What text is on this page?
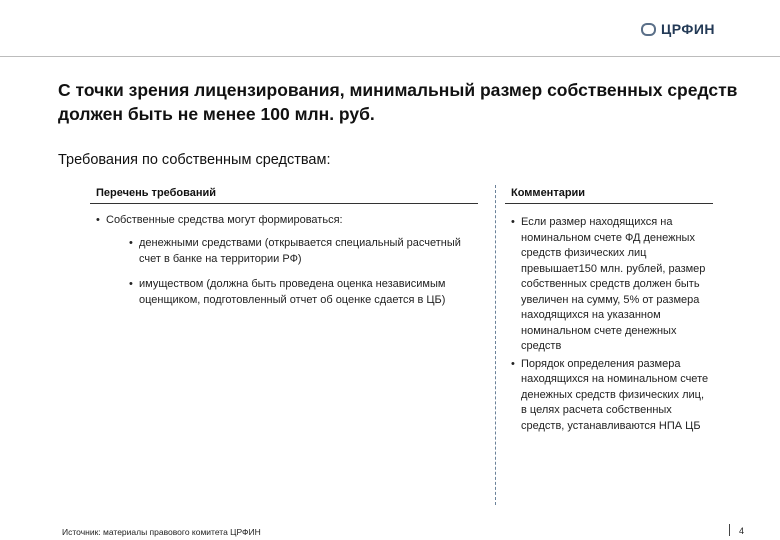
ЦРФИН
С точки зрения лицензирования, минимальный размер собственных средств должен быть не менее 100 млн. руб.
Требования по собственным средствам:
Перечень требований	Комментарии
• Собственные средства могут формироваться:
• денежными средствами (открывается специальный расчетный счет в банке на территории РФ)
• имуществом (должна быть проведена оценка независимым оценщиком, подготовленный отчет об оценке сдается в ЦБ)
• Если размер находящихся на номинальном счете ФД денежных средств физических лиц превышает150 млн. рублей, размер собственных средств должен быть увеличен на сумму, 5% от размера находящихся на указанном номинальном счете денежных средств
• Порядок определения размера находящихся на номинальном счете денежных средств физических лиц, в целях расчета собственных средств, устанавливаются НПА ЦБ
Источник: материалы правового комитета ЦРФИН	4
